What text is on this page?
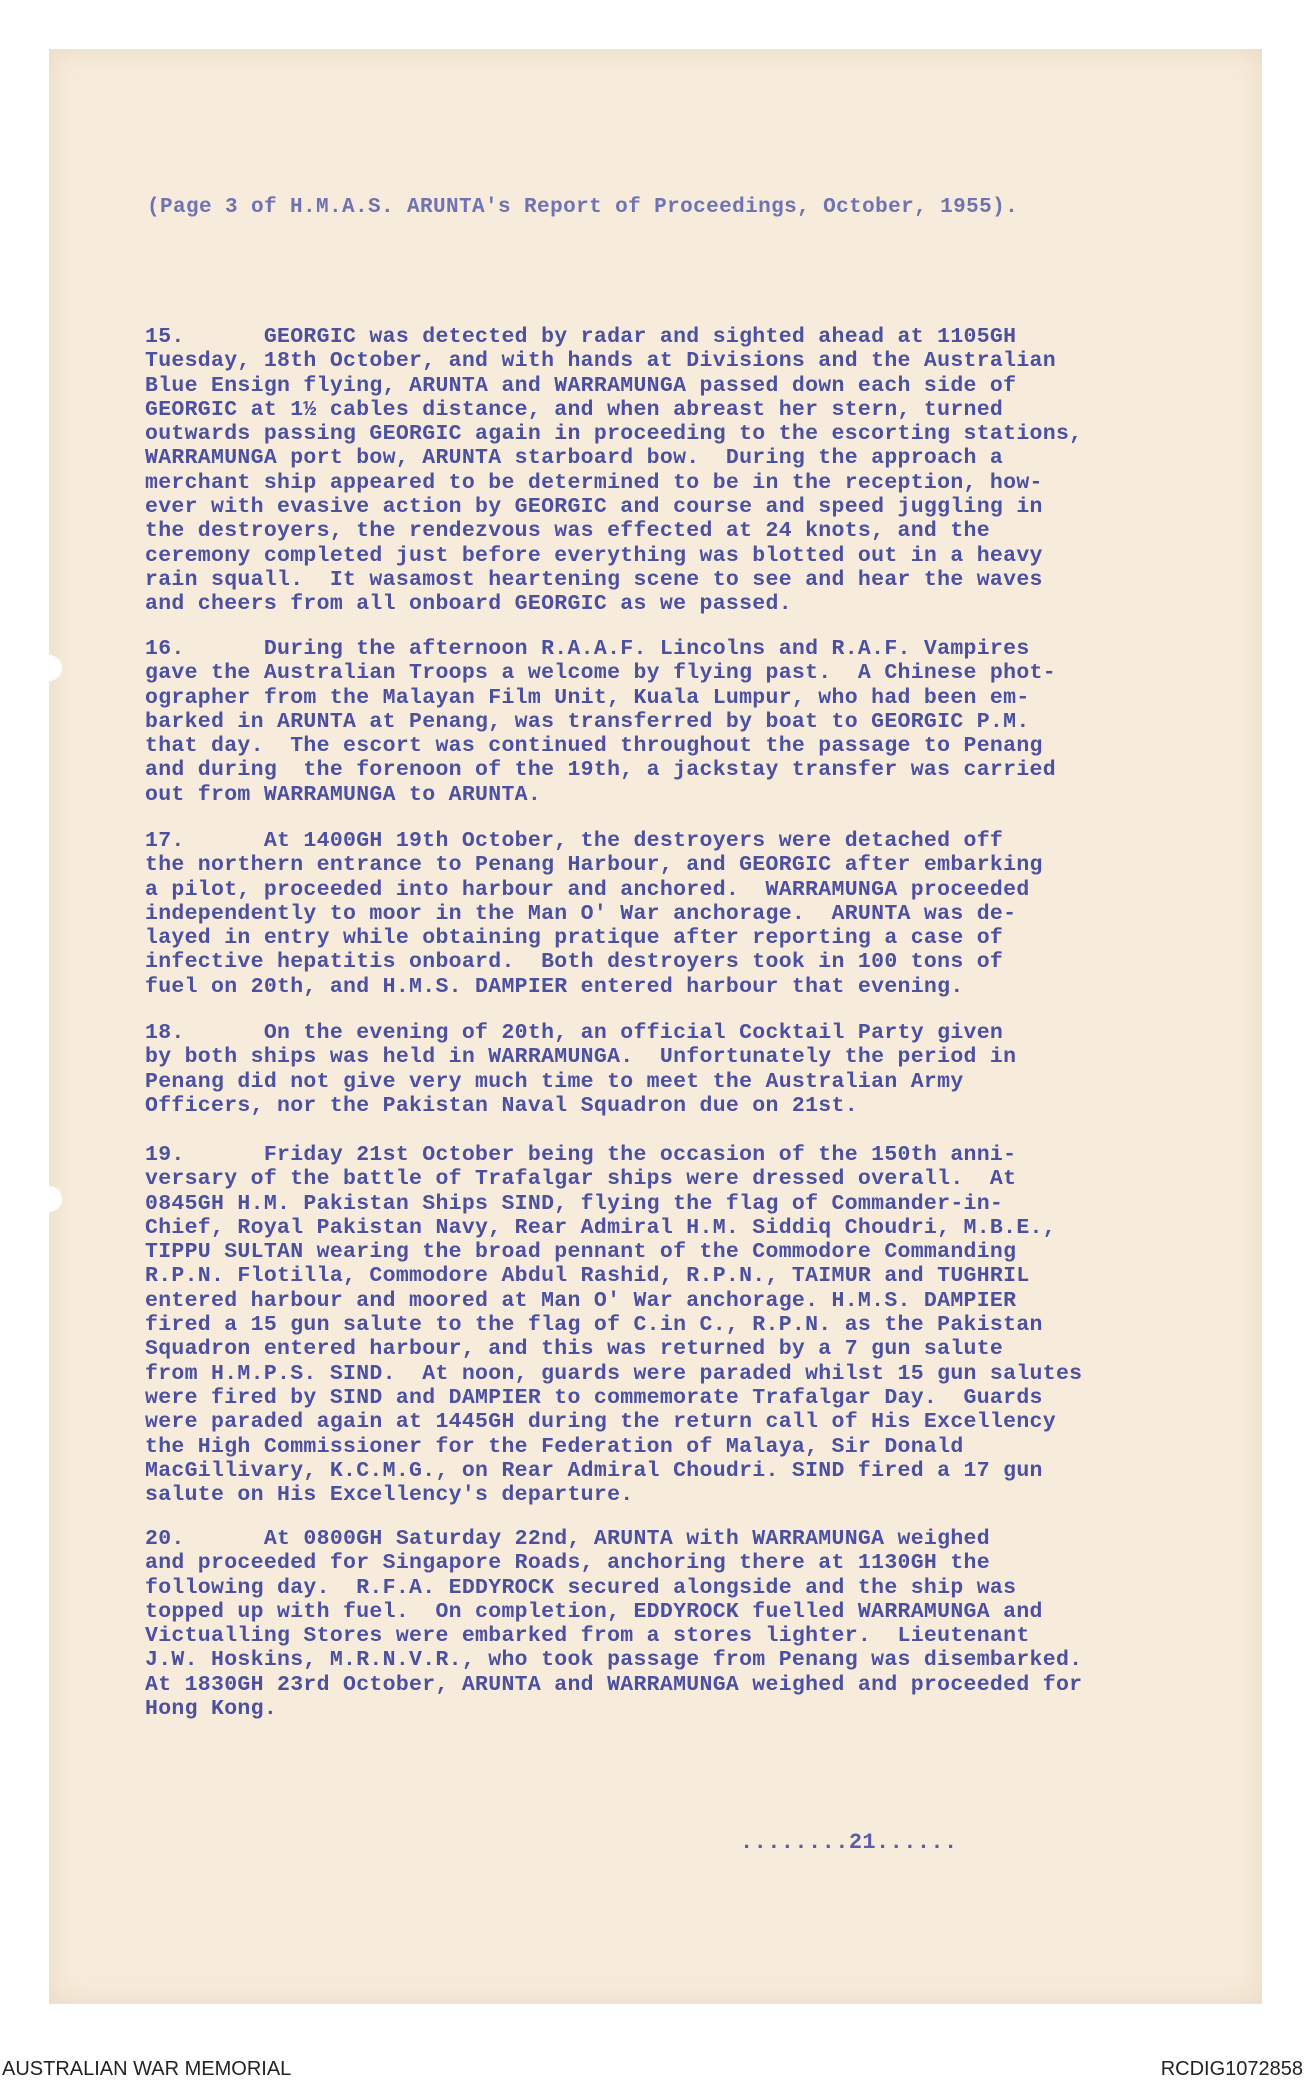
(Page 3 of H.M.A.S. ARUNTA's Report of Proceedings, October, 1955).
15.      GEORGIC was detected by radar and sighted ahead at 1105GH
Tuesday, 18th October, and with hands at Divisions and the Australian
Blue Ensign flying, ARUNTA and WARRAMUNGA passed down each side of
GEORGIC at 1½ cables distance, and when abreast her stern, turned
outwards passing GEORGIC again in proceeding to the escorting stations,
WARRAMUNGA port bow, ARUNTA starboard bow.  During the approach a
merchant ship appeared to be determined to be in the reception, how-
ever with evasive action by GEORGIC and course and speed juggling in
the destroyers, the rendezvous was effected at 24 knots, and the
ceremony completed just before everything was blotted out in a heavy
rain squall.  It wasamost heartening scene to see and hear the waves
and cheers from all onboard GEORGIC as we passed.
16.      During the afternoon R.A.A.F. Lincolns and R.A.F. Vampires
gave the Australian Troops a welcome by flying past.  A Chinese phot-
ographer from the Malayan Film Unit, Kuala Lumpur, who had been em-
barked in ARUNTA at Penang, was transferred by boat to GEORGIC P.M.
that day.  The escort was continued throughout the passage to Penang
and during  the forenoon of the 19th, a jackstay transfer was carried
out from WARRAMUNGA to ARUNTA.
17.      At 1400GH 19th October, the destroyers were detached off
the northern entrance to Penang Harbour, and GEORGIC after embarking
a pilot, proceeded into harbour and anchored.  WARRAMUNGA proceeded
independently to moor in the Man O' War anchorage.  ARUNTA was de-
layed in entry while obtaining pratique after reporting a case of
infective hepatitis onboard.  Both destroyers took in 100 tons of
fuel on 20th, and H.M.S. DAMPIER entered harbour that evening.
18.      On the evening of 20th, an official Cocktail Party given
by both ships was held in WARRAMUNGA.  Unfortunately the period in
Penang did not give very much time to meet the Australian Army
Officers, nor the Pakistan Naval Squadron due on 21st.
19.      Friday 21st October being the occasion of the 150th anni-
versary of the battle of Trafalgar ships were dressed overall.  At
0845GH H.M. Pakistan Ships SIND, flying the flag of Commander-in-
Chief, Royal Pakistan Navy, Rear Admiral H.M. Siddiq Choudri, M.B.E.,
TIPPU SULTAN wearing the broad pennant of the Commodore Commanding
R.P.N. Flotilla, Commodore Abdul Rashid, R.P.N., TAIMUR and TUGHRIL
entered harbour and moored at Man O' War anchorage. H.M.S. DAMPIER
fired a 15 gun salute to the flag of C.in C., R.P.N. as the Pakistan
Squadron entered harbour, and this was returned by a 7 gun salute
from H.M.P.S. SIND.  At noon, guards were paraded whilst 15 gun salutes
were fired by SIND and DAMPIER to commemorate Trafalgar Day.  Guards
were paraded again at 1445GH during the return call of His Excellency
the High Commissioner for the Federation of Malaya, Sir Donald
MacGillivary, K.C.M.G., on Rear Admiral Choudri. SIND fired a 17 gun
salute on His Excellency's departure.
20.      At 0800GH Saturday 22nd, ARUNTA with WARRAMUNGA weighed
and proceeded for Singapore Roads, anchoring there at 1130GH the
following day.  R.F.A. EDDYROCK secured alongside and the ship was
topped up with fuel.  On completion, EDDYROCK fuelled WARRAMUNGA and
Victualling Stores were embarked from a stores lighter.  Lieutenant
J.W. Hoskins, M.R.N.V.R., who took passage from Penang was disembarked.
At 1830GH 23rd October, ARUNTA and WARRAMUNGA weighed and proceeded for
Hong Kong.
........21......
AUSTRALIAN WAR MEMORIAL	RCDIG1072858
